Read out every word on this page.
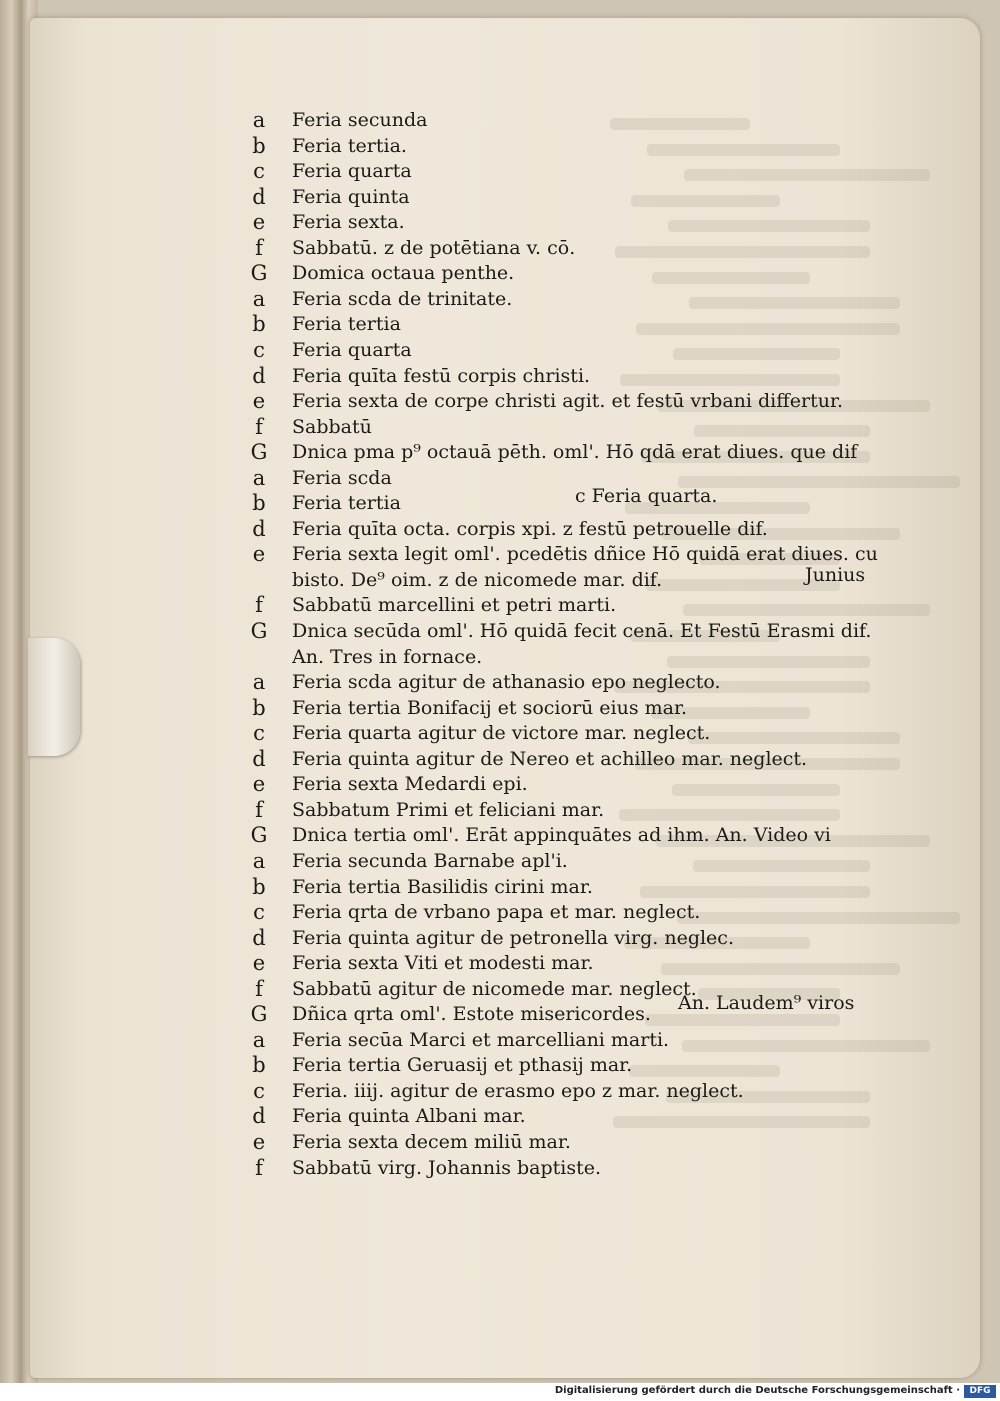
a	Feria secunda
b	Feria tertia.
c	Feria quarta
d	Feria quinta
e	Feria sexta.
f	Sabbatū. z de potētiana v. cō.
G	Domica octaua penthe.
a	Feria scda de trinitate.
b	Feria tertia
c	Feria quarta
d	Feria quīta festū corpis christi.
e	Feria sexta de corpe christi agit. et festū vrbani differtur.
f	Sabbatū
G	Dnica pma p⁹ octauā pēth. oml'. Hō qdā erat diues. que dif
a	Feria scda
b	Feria tertia
d	Feria quīta octa. corpis xpi. z festū petrouelle dif.
e	Feria sexta legit oml'. pcedētis dñice Hō quidā erat diues. cu
bisto. De⁹ oim. z de nicomede mar. dif.
f	Sabbatū marcellini et petri marti.
G	Dnica secūda oml'. Hō quidā fecit cenā. Et Festū Erasmi dif.
An. Tres in fornace.
a	Feria scda agitur de athanasio epo neglecto.
b	Feria tertia Bonifacij et sociorū eius mar.
c	Feria quarta agitur de victore mar. neglect.
d	Feria quinta agitur de Nereo et achilleo mar. neglect.
e	Feria sexta Medardi epi.
f	Sabbatum Primi et feliciani mar.
G	Dnica tertia oml'. Erāt appinquātes ad ihm. An. Video vi
a	Feria secunda Barnabe apl'i.
b	Feria tertia Basilidis cirini mar.
c	Feria qrta de vrbano papa et mar. neglect.
d	Feria quinta agitur de petronella virg. neglec.
e	Feria sexta Viti et modesti mar.
f	Sabbatū agitur de nicomede mar. neglect.
G	Dñica qrta oml'. Estote misericordes.
a	Feria secūa Marci et marcelliani marti.
b	Feria tertia Geruasij et pthasij mar.
c	Feria. iiij. agitur de erasmo epo z mar. neglect.
d	Feria quinta Albani mar.
e	Feria sexta decem miliū mar.
f	Sabbatū virg. Johannis baptiste.
c Feria quarta.
Junius
An. Laudem⁹ viros
Digitalisierung gefördert durch die Deutsche Forschungsgemeinschaft ·	DFG
